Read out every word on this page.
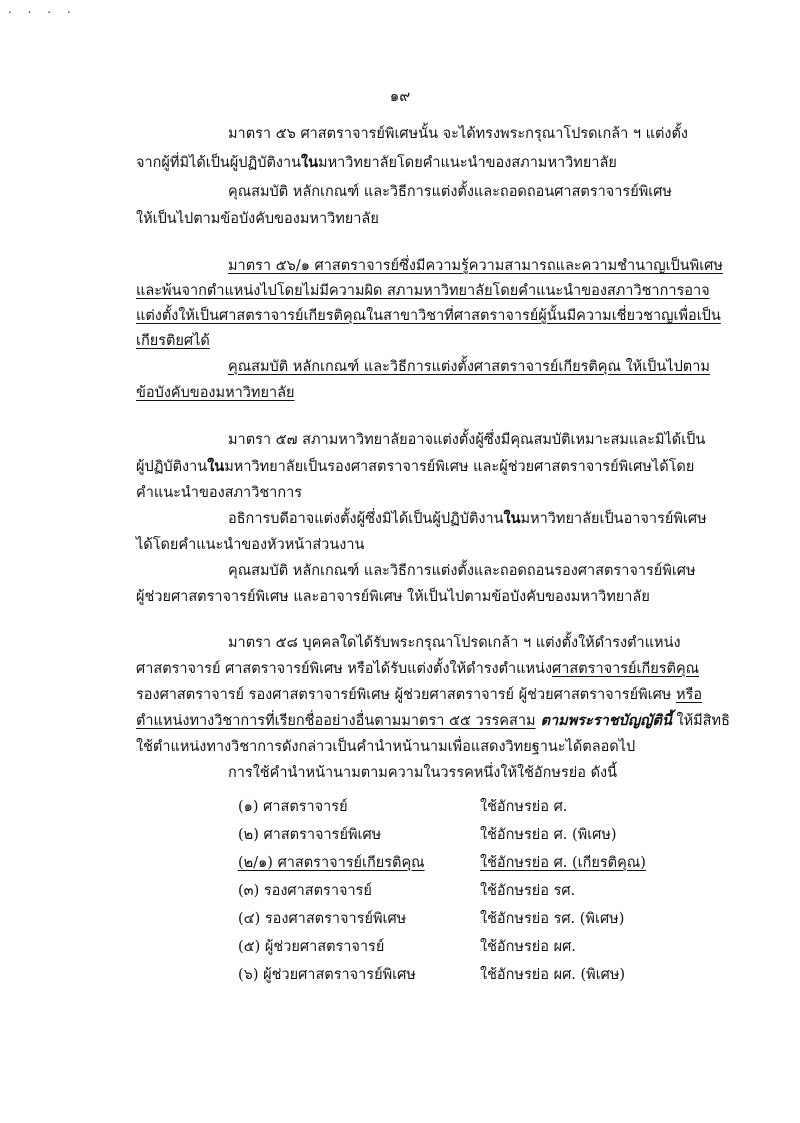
. . . .
๑๙
มาตรา ๕๖ ศาสตราจารย์พิเศษนั้น จะได้ทรงพระกรุณาโปรดเกล้า ฯ แต่งตั้ง
จากผู้ที่มิได้เป็นผู้ปฏิบัติงานในมหาวิทยาลัยโดยคำแนะนำของสภามหาวิทยาลัย
คุณสมบัติ หลักเกณฑ์ และวิธีการแต่งตั้งและถอดถอนศาสตราจารย์พิเศษ
ให้เป็นไปตามข้อบังคับของมหาวิทยาลัย
มาตรา ๕๖/๑ ศาสตราจารย์ซึ่งมีความรู้ความสามารถและความชำนาญเป็นพิเศษ
และพ้นจากตำแหน่งไปโดยไม่มีความผิด สภามหาวิทยาลัยโดยคำแนะนำของสภาวิชาการอาจ
แต่งตั้งให้เป็นศาสตราจารย์เกียรติคุณในสาขาวิชาที่ศาสตราจารย์ผู้นั้นมีความเชี่ยวชาญเพื่อเป็น
เกียรติยศได้
คุณสมบัติ หลักเกณฑ์ และวิธีการแต่งตั้งศาสตราจารย์เกียรติคุณ ให้เป็นไปตาม
ข้อบังคับของมหาวิทยาลัย
มาตรา ๕๗ สภามหาวิทยาลัยอาจแต่งตั้งผู้ซึ่งมีคุณสมบัติเหมาะสมและมิได้เป็น
ผู้ปฏิบัติงานในมหาวิทยาลัยเป็นรองศาสตราจารย์พิเศษ และผู้ช่วยศาสตราจารย์พิเศษได้โดย
คำแนะนำของสภาวิชาการ
อธิการบดีอาจแต่งตั้งผู้ซึ่งมิได้เป็นผู้ปฏิบัติงานในมหาวิทยาลัยเป็นอาจารย์พิเศษ
ได้โดยคำแนะนำของหัวหน้าส่วนงาน
คุณสมบัติ หลักเกณฑ์ และวิธีการแต่งตั้งและถอดถอนรองศาสตราจารย์พิเศษ
ผู้ช่วยศาสตราจารย์พิเศษ และอาจารย์พิเศษ ให้เป็นไปตามข้อบังคับของมหาวิทยาลัย
มาตรา ๕๘ บุคคลใดได้รับพระกรุณาโปรดเกล้า ฯ แต่งตั้งให้ดำรงตำแหน่ง
ศาสตราจารย์ ศาสตราจารย์พิเศษ หรือได้รับแต่งตั้งให้ดำรงตำแหน่งศาสตราจารย์เกียรติคุณ
รองศาสตราจารย์ รองศาสตราจารย์พิเศษ ผู้ช่วยศาสตราจารย์ ผู้ช่วยศาสตราจารย์พิเศษ หรือ
ตำแหน่งทางวิชาการที่เรียกชื่ออย่างอื่นตามมาตรา ๕๕ วรรคสาม ตามพระราชบัญญัตินี้ ให้มีสิทธิ
ใช้ตำแหน่งทางวิชาการดังกล่าวเป็นคำนำหน้านามเพื่อแสดงวิทยฐานะได้ตลอดไป
การใช้คำนำหน้านามตามความในวรรคหนึ่งให้ใช้อักษรย่อ ดังนี้
(๑) ศาสตราจารย์	ใช้อักษรย่อ ศ.
(๒) ศาสตราจารย์พิเศษ	ใช้อักษรย่อ ศ. (พิเศษ)
(๒/๑) ศาสตราจารย์เกียรติคุณ	ใช้อักษรย่อ ศ. (เกียรติคุณ)
(๓) รองศาสตราจารย์	ใช้อักษรย่อ รศ.
(๔) รองศาสตราจารย์พิเศษ	ใช้อักษรย่อ รศ. (พิเศษ)
(๕) ผู้ช่วยศาสตราจารย์	ใช้อักษรย่อ ผศ.
(๖) ผู้ช่วยศาสตราจารย์พิเศษ	ใช้อักษรย่อ ผศ. (พิเศษ)
